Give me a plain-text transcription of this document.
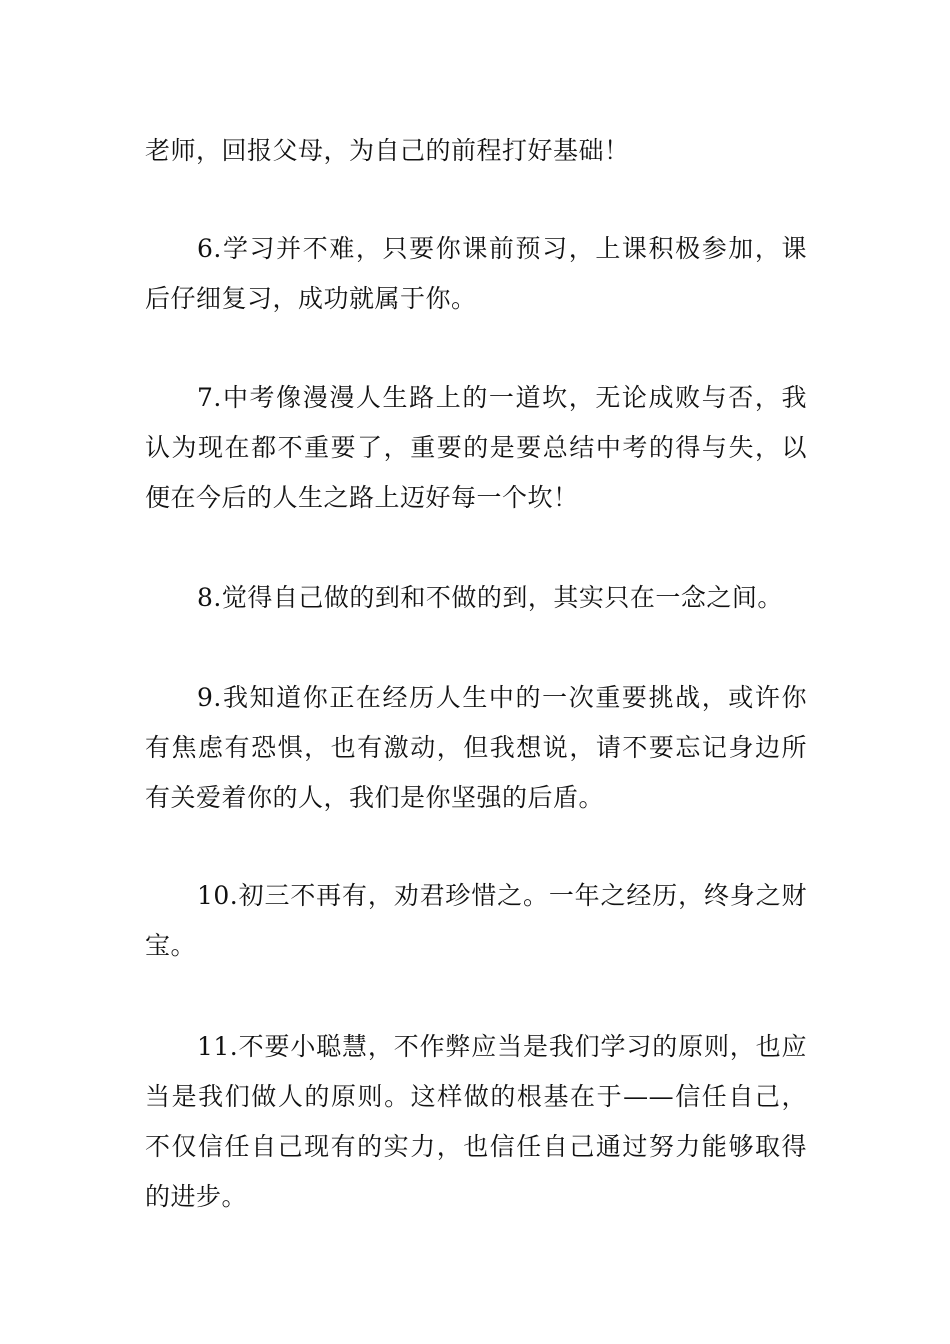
老师，回报父母，为自己的前程打好基础！

6.学习并不难，只要你课前预习，上课积极参加，课后仔细复习，成功就属于你。

7.中考像漫漫人生路上的一道坎，无论成败与否，我认为现在都不重要了，重要的是要总结中考的得与失，以便在今后的人生之路上迈好每一个坎！

8.觉得自己做的到和不做的到，其实只在一念之间。

9.我知道你正在经历人生中的一次重要挑战，或许你有焦虑有恐惧，也有激动，但我想说，请不要忘记身边所有关爱着你的人，我们是你坚强的后盾。

10.初三不再有，劝君珍惜之。一年之经历，终身之财宝。

11.不要小聪慧，不作弊应当是我们学习的原则，也应当是我们做人的原则。这样做的根基在于——信任自己，不仅信任自己现有的实力，也信任自己通过努力能够取得的进步。
